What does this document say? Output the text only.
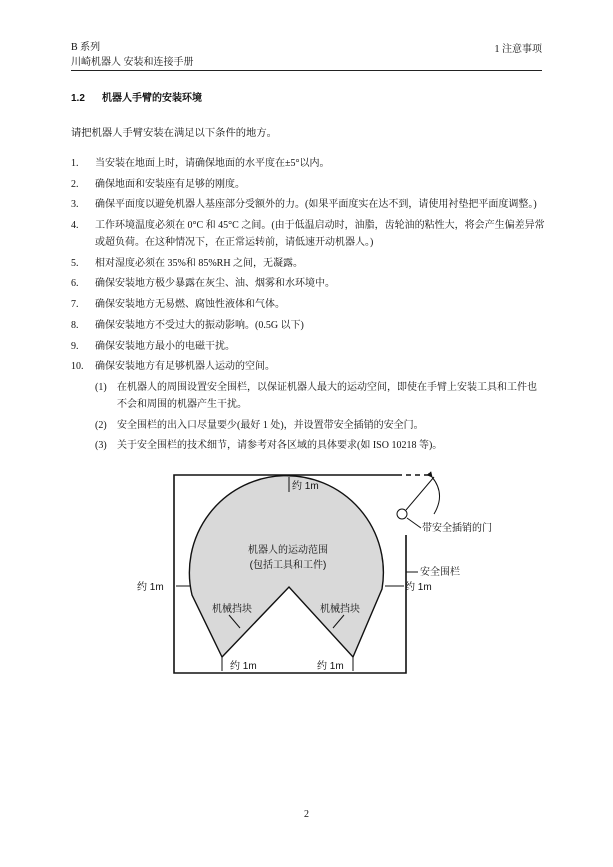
B 系列
川崎机器人 安装和连接手册
1 注意事项
1.2 机器人手臂的安装环境
请把机器人手臂安装在满足以下条件的地方。
1. 当安装在地面上时，请确保地面的水平度在±5°以内。
2. 确保地面和安装座有足够的刚度。
3. 确保平面度以避免机器人基座部分受额外的力。(如果平面度实在达不到，请使用衬垫把平面度调整。)
4. 工作环境温度必须在 0°C 和 45°C 之间。(由于低温启动时，油脂，齿轮油的粘性大，将会产生偏差异常或超负荷。在这种情况下，在正常运转前，请低速开动机器人。)
5. 相对湿度必须在 35%和 85%RH 之间，无凝露。
6. 确保安装地方极少暴露在灰尘、油、烟雾和水环境中。
7. 确保安装地方无易燃、腐蚀性液体和气体。
8. 确保安装地方不受过大的振动影响。(0.5G 以下)
9. 确保安装地方最小的电磁干扰。
10. 确保安装地方有足够机器人运动的空间。
(1) 在机器人的周围设置安全围栏，以保证机器人最大的运动空间，即使在手臂上安装工具和工件也不会和周围的机器产生干扰。
(2) 安全围栏的出入口尽量要少(最好 1 处)，并设置带安全插销的安全门。
(3) 关于安全围栏的技术细节，请参考对各区域的具体要求(如 ISO 10218 等)。
约 1m
机器人的运动范围
(包括工具和工件)
约 1m	约 1m
机械挡块	机械挡块
约 1m	约 1m
带安全插销的门
安全围栏
2
